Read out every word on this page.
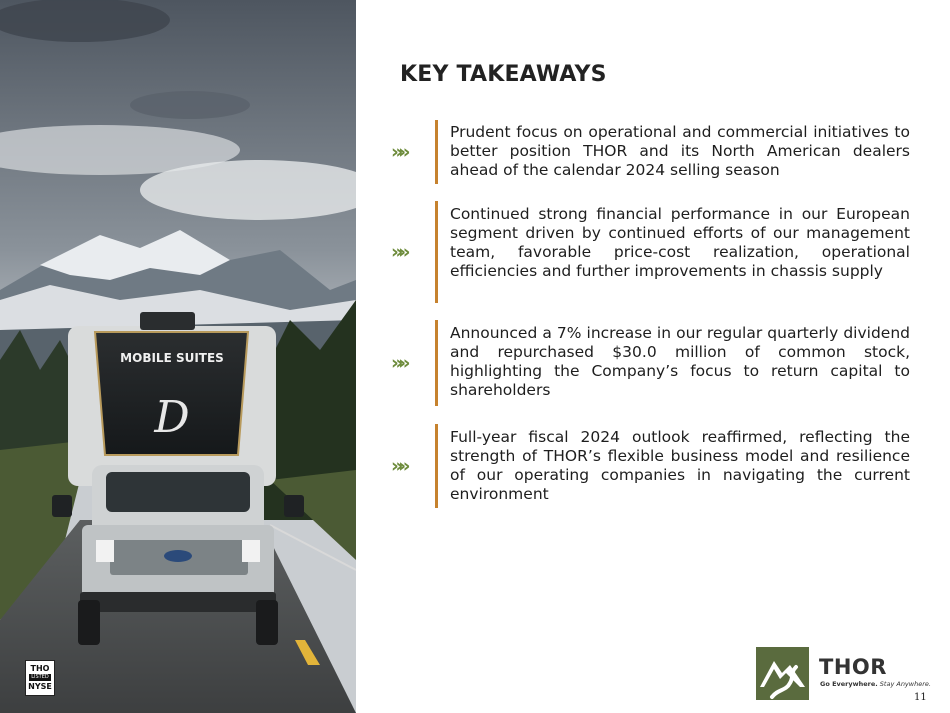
MOBILE SUITES
D
THO
LISTED
NYSE
KEY TAKEAWAYS
»»
Prudent focus on operational and commercial initiatives to better position THOR and its North American dealers ahead of the calendar 2024 selling season
»»
Continued strong financial performance in our European segment driven by continued efforts of our management team, favorable price-cost realization, operational efficiencies and further improvements in chassis supply
»»
Announced a 7% increase in our regular quarterly dividend and repurchased $30.0 million of common stock, highlighting the Company’s focus to return capital to shareholders
»»
Full-year fiscal 2024 outlook reaffirmed, reflecting the strength of THOR’s flexible business model and resilience of our operating companies in navigating the current environment
THOR
Go Everywhere. Stay Anywhere.
11
